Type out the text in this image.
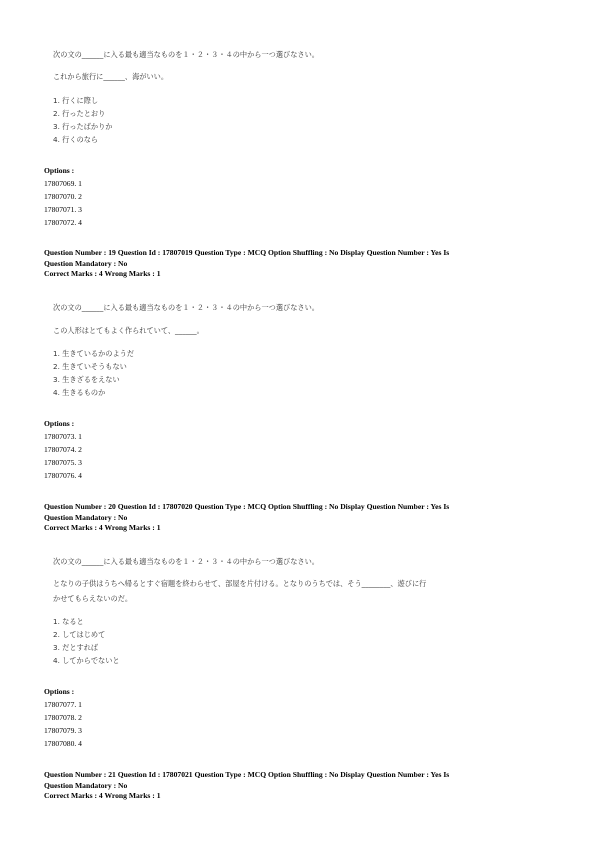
次の文の______に入る最も適当なものを１・２・３・４の中から一つ選びなさい。
これから旅行に______、海がいい。
1. 行くに際し
2. 行ったとおり
3. 行ったばかりか
4. 行くのなら
Options :
17807069. 1
17807070. 2
17807071. 3
17807072. 4
Question Number : 19 Question Id : 17807019 Question Type : MCQ Option Shuffling : No Display Question Number : Yes Is
Question Mandatory : No
Correct Marks : 4 Wrong Marks : 1
次の文の______に入る最も適当なものを１・２・３・４の中から一つ選びなさい。
この人形はとてもよく作られていて、______。
1. 生きているかのようだ
2. 生きていそうもない
3. 生きざるをえない
4. 生きるものか
Options :
17807073. 1
17807074. 2
17807075. 3
17807076. 4
Question Number : 20 Question Id : 17807020 Question Type : MCQ Option Shuffling : No Display Question Number : Yes Is
Question Mandatory : No
Correct Marks : 4 Wrong Marks : 1
次の文の______に入る最も適当なものを１・２・３・４の中から一つ選びなさい。
となりの子供はうちへ帰るとすぐ宿題を終わらせて、部屋を片付ける。となりのうちでは、そう________、遊びに行
かせてもらえないのだ。
1. なると
2. してはじめて
3. だとすれば
4. してからでないと
Options :
17807077. 1
17807078. 2
17807079. 3
17807080. 4
Question Number : 21 Question Id : 17807021 Question Type : MCQ Option Shuffling : No Display Question Number : Yes Is
Question Mandatory : No
Correct Marks : 4 Wrong Marks : 1
